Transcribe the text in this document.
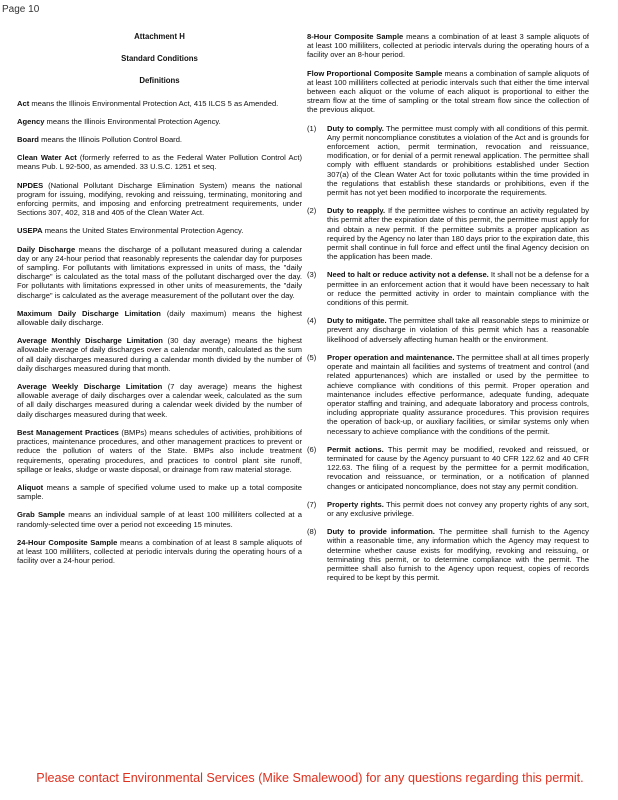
Page 10
Attachment H
Standard Conditions
Definitions
Act means the Illinois Environmental Protection Act, 415 ILCS 5 as Amended.
Agency means the Illinois Environmental Protection Agency.
Board means the Illinois Pollution Control Board.
Clean Water Act (formerly referred to as the Federal Water Pollution Control Act) means Pub. L 92-500, as amended. 33 U.S.C. 1251 et seq.
NPDES (National Pollutant Discharge Elimination System) means the national program for issuing, modifying, revoking and reissuing, terminating, monitoring and enforcing permits, and imposing and enforcing pretreatment requirements, under Sections 307, 402, 318 and 405 of the Clean Water Act.
USEPA means the United States Environmental Protection Agency.
Daily Discharge means the discharge of a pollutant measured during a calendar day or any 24-hour period that reasonably represents the calendar day for purposes of sampling. For pollutants with limitations expressed in units of mass, the "daily discharge" is calculated as the total mass of the pollutant discharged over the day. For pollutants with limitations expressed in other units of measurements, the "daily discharge" is calculated as the average measurement of the pollutant over the day.
Maximum Daily Discharge Limitation (daily maximum) means the highest allowable daily discharge.
Average Monthly Discharge Limitation (30 day average) means the highest allowable average of daily discharges over a calendar month, calculated as the sum of all daily discharges measured during a calendar month divided by the number of daily discharges measured during that month.
Average Weekly Discharge Limitation (7 day average) means the highest allowable average of daily discharges over a calendar week, calculated as the sum of all daily discharges measured during a calendar week divided by the number of daily discharges measured during that week.
Best Management Practices (BMPs) means schedules of activities, prohibitions of practices, maintenance procedures, and other management practices to prevent or reduce the pollution of waters of the State. BMPs also include treatment requirements, operating procedures, and practices to control plant site runoff, spillage or leaks, sludge or waste disposal, or drainage from raw material storage.
Aliquot means a sample of specified volume used to make up a total composite sample.
Grab Sample means an individual sample of at least 100 milliliters collected at a randomly-selected time over a period not exceeding 15 minutes.
24-Hour Composite Sample means a combination of at least 8 sample aliquots of at least 100 milliliters, collected at periodic intervals during the operating hours of a facility over a 24-hour period.
8-Hour Composite Sample means a combination of at least 3 sample aliquots of at least 100 milliliters, collected at periodic intervals during the operating hours of a facility over an 8-hour period.
Flow Proportional Composite Sample means a combination of sample aliquots of at least 100 milliliters collected at periodic intervals such that either the time interval between each aliquot or the volume of each aliquot is proportional to either the stream flow at the time of sampling or the total stream flow since the collection of the previous aliquot.
(1)	Duty to comply. The permittee must comply with all conditions of this permit. Any permit noncompliance constitutes a violation of the Act and is grounds for enforcement action, permit termination, revocation and reissuance, modification, or for denial of a permit renewal application. The permittee shall comply with effluent standards or prohibitions established under Section 307(a) of the Clean Water Act for toxic pollutants within the time provided in the regulations that establish these standards or prohibitions, even if the permit has not yet been modified to incorporate the requirements.
(2)	Duty to reapply. If the permittee wishes to continue an activity regulated by this permit after the expiration date of this permit, the permittee must apply for and obtain a new permit. If the permittee submits a proper application as required by the Agency no later than 180 days prior to the expiration date, this permit shall continue in full force and effect until the final Agency decision on the application has been made.
(3)	Need to halt or reduce activity not a defense. It shall not be a defense for a permittee in an enforcement action that it would have been necessary to halt or reduce the permitted activity in order to maintain compliance with the conditions of this permit.
(4)	Duty to mitigate. The permittee shall take all reasonable steps to minimize or prevent any discharge in violation of this permit which has a reasonable likelihood of adversely affecting human health or the environment.
(5)	Proper operation and maintenance. The permittee shall at all times properly operate and maintain all facilities and systems of treatment and control (and related appurtenances) which are installed or used by the permittee to achieve compliance with conditions of this permit. Proper operation and maintenance includes effective performance, adequate funding, adequate operator staffing and training, and adequate laboratory and process controls, including appropriate quality assurance procedures. This provision requires the operation of back-up, or auxiliary facilities, or similar systems only when necessary to achieve compliance with the conditions of the permit.
(6)	Permit actions. This permit may be modified, revoked and reissued, or terminated for cause by the Agency pursuant to 40 CFR 122.62 and 40 CFR 122.63. The filing of a request by the permittee for a permit modification, revocation and reissuance, or termination, or a notification of planned changes or anticipated noncompliance, does not stay any permit condition.
(7)	Property rights. This permit does not convey any property rights of any sort, or any exclusive privilege.
(8)	Duty to provide information. The permittee shall furnish to the Agency within a reasonable time, any information which the Agency may request to determine whether cause exists for modifying, revoking and reissuing, or terminating this permit, or to determine compliance with the permit. The permittee shall also furnish to the Agency upon request, copies of records required to be kept by this permit.
Please contact Environmental Services (Mike Smalewood) for any questions regarding this permit.
